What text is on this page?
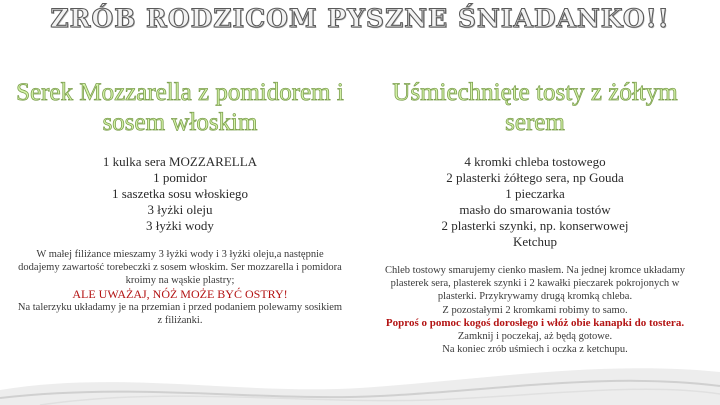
ZRÓB RODZICOM PYSZNE ŚNIADANKO!!
Serek Mozzarella z pomidorem i sosem włoskim
1 kulka sera MOZZARELLA
1 pomidor
1 saszetka sosu włoskiego
3 łyżki oleju
3 łyżki wody

W małej filiżance mieszamy 3 łyżki wody i 3 łyżki oleju,a następnie dodajemy zawartość torebeczki z sosem włoskim. Ser mozzarella i pomidora kroimy na wąskie plastry;

ALE UWAŻAJ, NÓŻ MOŻE BYĆ OSTRY!

Na talerzyku układamy je na przemian i przed podaniem polewamy sosikiem z filiżanki.

Uśmiechnięte tosty z żółtym serem
4 kromki chleba tostowego
2 plasterki żółtego sera, np Gouda
1 pieczarka
masło do smarowania tostów
2 plasterki szynki, np. konserwowej
Ketchup

Chleb tostowy smarujemy cienko masłem. Na jednej kromce układamy plasterek sera, plasterek szynki i 2 kawałki pieczarek pokrojonych w plasterki. Przykrywamy drugą kromką chleba.

Z pozostałymi 2 kromkami robimy to samo.

Poproś o pomoc kogoś dorosłego i włóż obie kanapki do tostera.

Zamknij i poczekaj, aż będą gotowe.

Na koniec zrób uśmiech i oczka z ketchupu.
